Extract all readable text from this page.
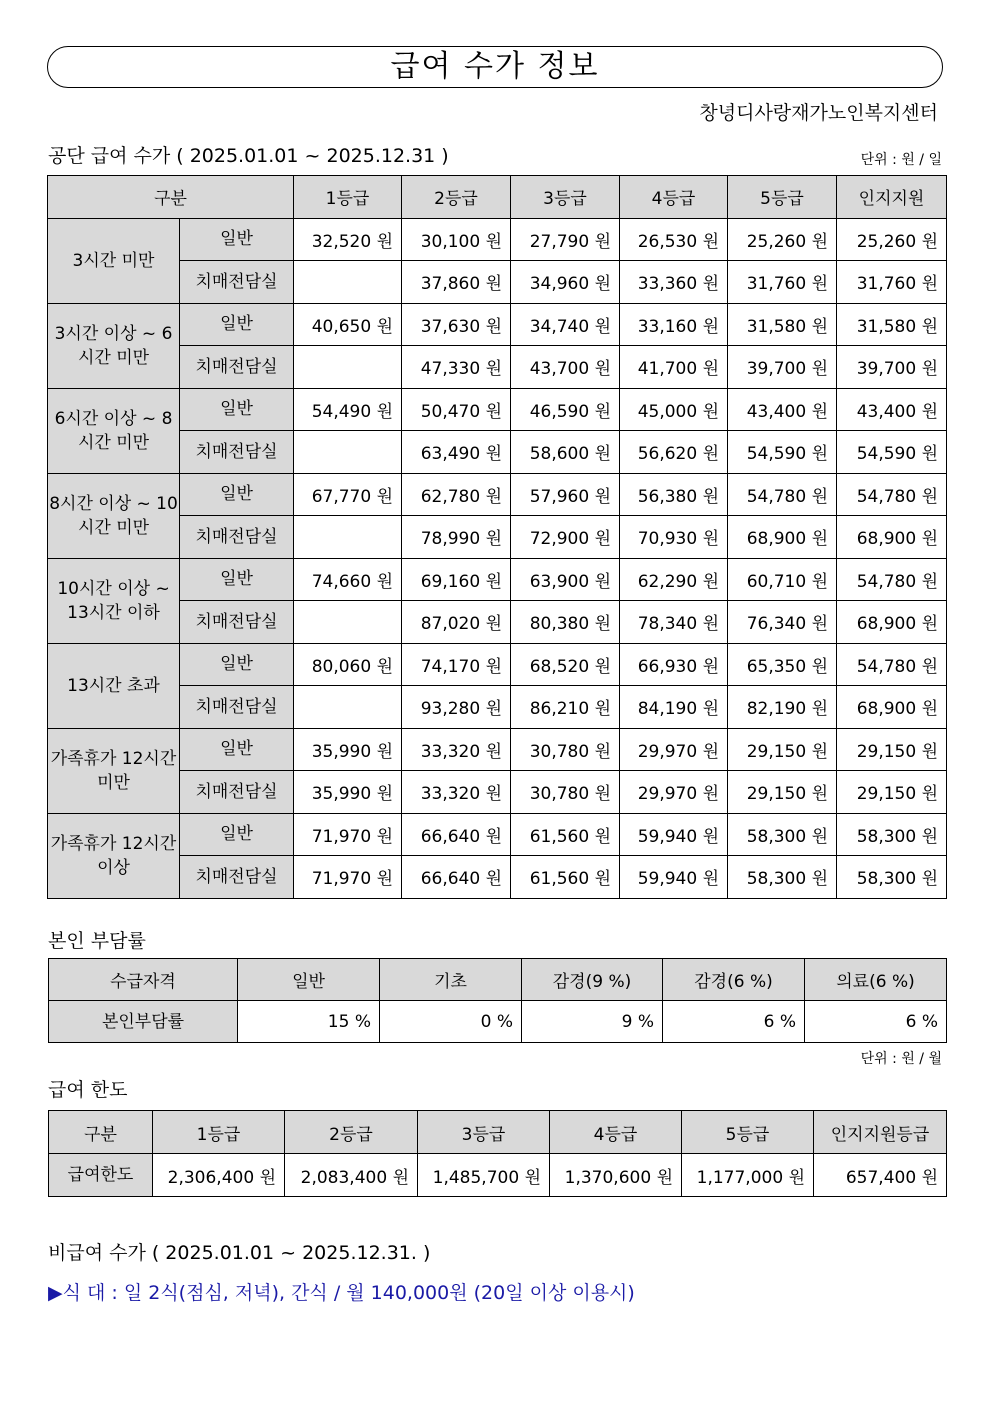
급여 수가 정보
창녕디사랑재가노인복지센터
공단 급여 수가 ( 2025.01.01 ~ 2025.12.31 )	단위 : 원 / 일
구분		1등급	2등급	3등급	4등급	5등급	인지지원
3시간 미만	일반	32,520 원	30,100 원	27,790 원	26,530 원	25,260 원	25,260 원
	치매전담실		37,860 원	34,960 원	33,360 원	31,760 원	31,760 원
3시간 이상 ~ 6시간 미만	일반	40,650 원	37,630 원	34,740 원	33,160 원	31,580 원	31,580 원
	치매전담실		47,330 원	43,700 원	41,700 원	39,700 원	39,700 원
6시간 이상 ~ 8시간 미만	일반	54,490 원	50,470 원	46,590 원	45,000 원	43,400 원	43,400 원
	치매전담실		63,490 원	58,600 원	56,620 원	54,590 원	54,590 원
8시간 이상 ~ 10시간 미만	일반	67,770 원	62,780 원	57,960 원	56,380 원	54,780 원	54,780 원
	치매전담실		78,990 원	72,900 원	70,930 원	68,900 원	68,900 원
10시간 이상 ~ 13시간 이하	일반	74,660 원	69,160 원	63,900 원	62,290 원	60,710 원	54,780 원
	치매전담실		87,020 원	80,380 원	78,340 원	76,340 원	68,900 원
13시간 초과	일반	80,060 원	74,170 원	68,520 원	66,930 원	65,350 원	54,780 원
	치매전담실		93,280 원	86,210 원	84,190 원	82,190 원	68,900 원
가족휴가 12시간미만	일반	35,990 원	33,320 원	30,780 원	29,970 원	29,150 원	29,150 원
	치매전담실	35,990 원	33,320 원	30,780 원	29,970 원	29,150 원	29,150 원
가족휴가 12시간이상	일반	71,970 원	66,640 원	61,560 원	59,940 원	58,300 원	58,300 원
	치매전담실	71,970 원	66,640 원	61,560 원	59,940 원	58,300 원	58,300 원
본인 부담률
수급자격	일반	기초	감경(9 %)	감경(6 %)	의료(6 %)
본인부담률	15 %	0 %	9 %	6 %	6 %
단위 : 원 / 월
급여 한도
구분	1등급	2등급	3등급	4등급	5등급	인지지원등급
급여한도	2,306,400 원	2,083,400 원	1,485,700 원	1,370,600 원	1,177,000 원	657,400 원
비급여 수가 ( 2025.01.01 ~ 2025.12.31. )
▶식 대 : 일 2식(점심, 저녁), 간식 / 월 140,000원 (20일 이상 이용시)
